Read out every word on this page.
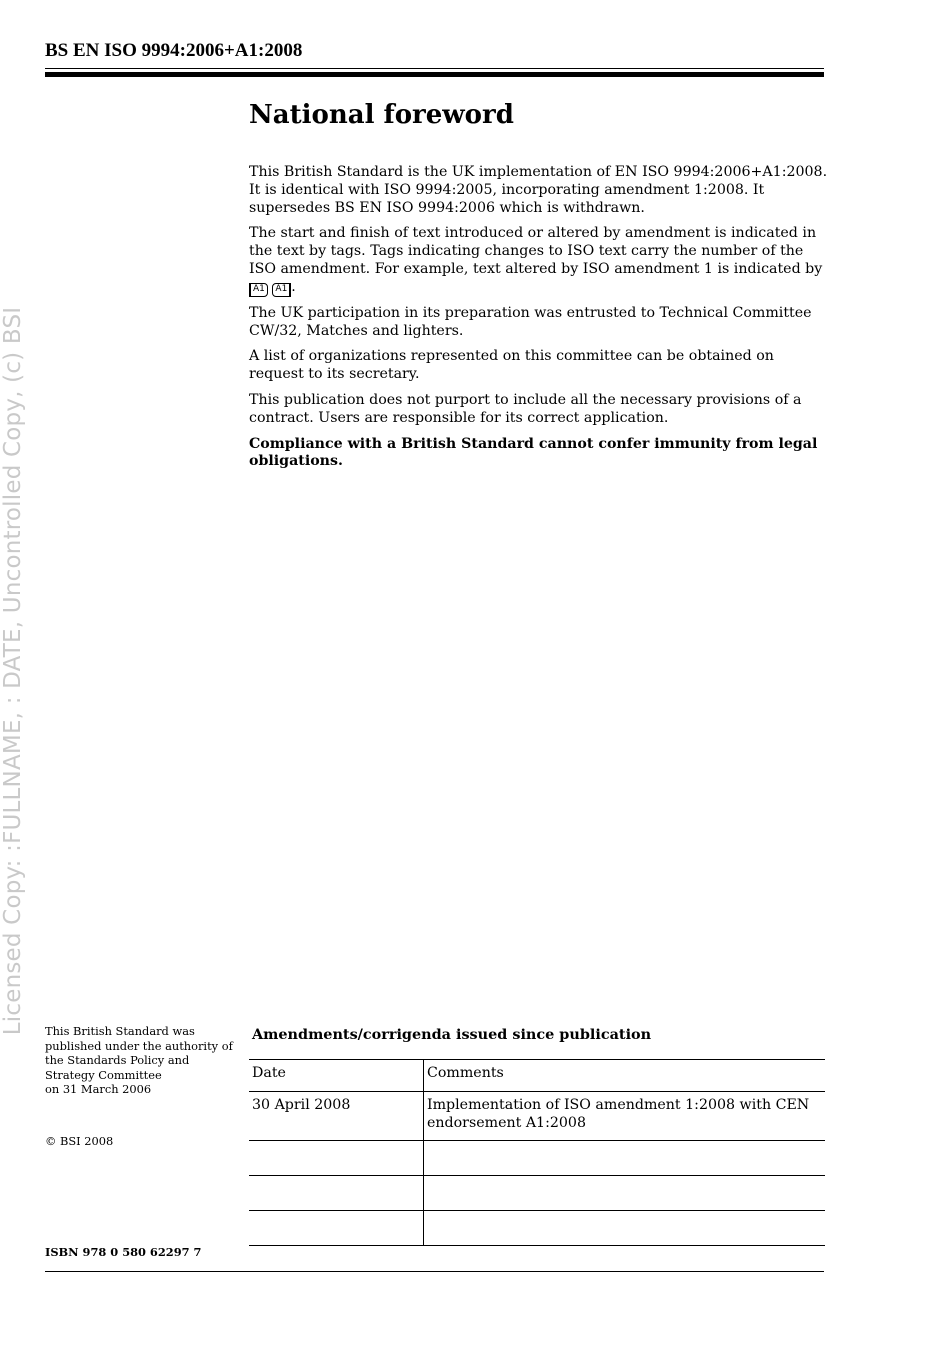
Licensed Copy: :FULLNAME, : DATE, Uncontrolled Copy, (c) BSI
BS EN ISO 9994:2006+A1:2008
National foreword

This British Standard is the UK implementation of EN ISO 9994:2006+A1:2008. It is identical with ISO 9994:2005, incorporating amendment 1:2008. It supersedes BS EN ISO 9994:2006 which is withdrawn.

The start and finish of text introduced or altered by amendment is indicated in the text by tags. Tags indicating changes to ISO text carry the number of the ISO amendment. For example, text altered by ISO amendment 1 is indicated by A1 A1 .

The UK participation in its preparation was entrusted to Technical Committee CW/32, Matches and lighters.

A list of organizations represented on this committee can be obtained on request to its secretary.

This publication does not purport to include all the necessary provisions of a contract. Users are responsible for its correct application.

Compliance with a British Standard cannot confer immunity from legal obligations.

This British Standard was published under the authority of the Standards Policy and Strategy Committee
on 31 March 2006
© BSI 2008
ISBN 978 0 580 62297 7
Amendments/corrigenda issued since publication
Date	Comments
30 April 2008	Implementation of ISO amendment 1:2008 with CEN endorsement A1:2008
